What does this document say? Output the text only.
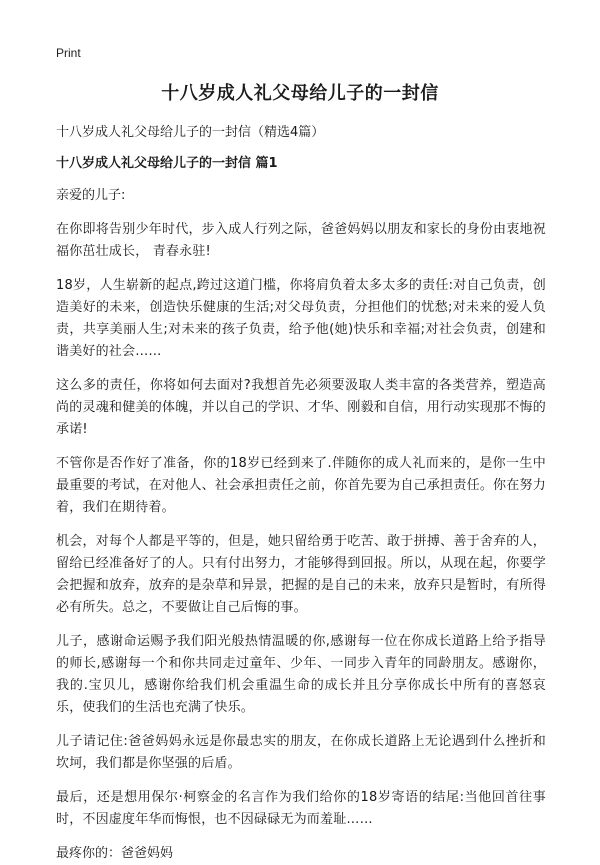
Print
十八岁成人礼父母给儿子的一封信

十八岁成人礼父母给儿子的一封信（精选4篇）

十八岁成人礼父母给儿子的一封信 篇1

亲爱的儿子:

在你即将告别少年时代，步入成人行列之际，爸爸妈妈以朋友和家长的身份由衷地祝福你茁壮成长， 青春永驻!

18岁，人生崭新的起点,跨过这道门槛，你将肩负着太多太多的责任:对自己负责，创造美好的未来，创造快乐健康的生活;对父母负责，分担他们的忧愁;对未来的爱人负责，共享美丽人生;对未来的孩子负责，给予他(她)快乐和幸福;对社会负责，创建和谐美好的社会……

这么多的责任，你将如何去面对?我想首先必须要汲取人类丰富的各类营养，塑造高尚的灵魂和健美的体魄，并以自己的学识、才华、刚毅和自信，用行动实现那不悔的承诺!

不管你是否作好了准备，你的18岁已经到来了.伴随你的成人礼而来的，是你一生中最重要的考试，在对他人、社会承担责任之前，你首先要为自己承担责任。你在努力着，我们在期待着。

机会，对每个人都是平等的，但是，她只留给勇于吃苦、敢于拼搏、善于舍弃的人，留给已经准备好了的人。只有付出努力，才能够得到回报。所以，从现在起，你要学会把握和放弃，放弃的是杂草和异景，把握的是自己的未来，放弃只是暂时，有所得必有所失。总之，不要做让自己后悔的事。

儿子，感谢命运赐予我们阳光般热情温暖的你,感谢每一位在你成长道路上给予指导的师长,感谢每一个和你共同走过童年、少年、一同步入青年的同龄朋友。感谢你，我的.宝贝儿，感谢你给我们机会重温生命的成长并且分享你成长中所有的喜怒哀乐，使我们的生活也充满了快乐。

儿子请记住:爸爸妈妈永远是你最忠实的朋友，在你成长道路上无论遇到什么挫折和坎坷，我们都是你坚强的后盾。

最后，还是想用保尔·柯察金的名言作为我们给你的18岁寄语的结尾:当他回首往事时，不因虚度年华而悔恨，也不因碌碌无为而羞耻……

最疼你的：爸爸妈妈
